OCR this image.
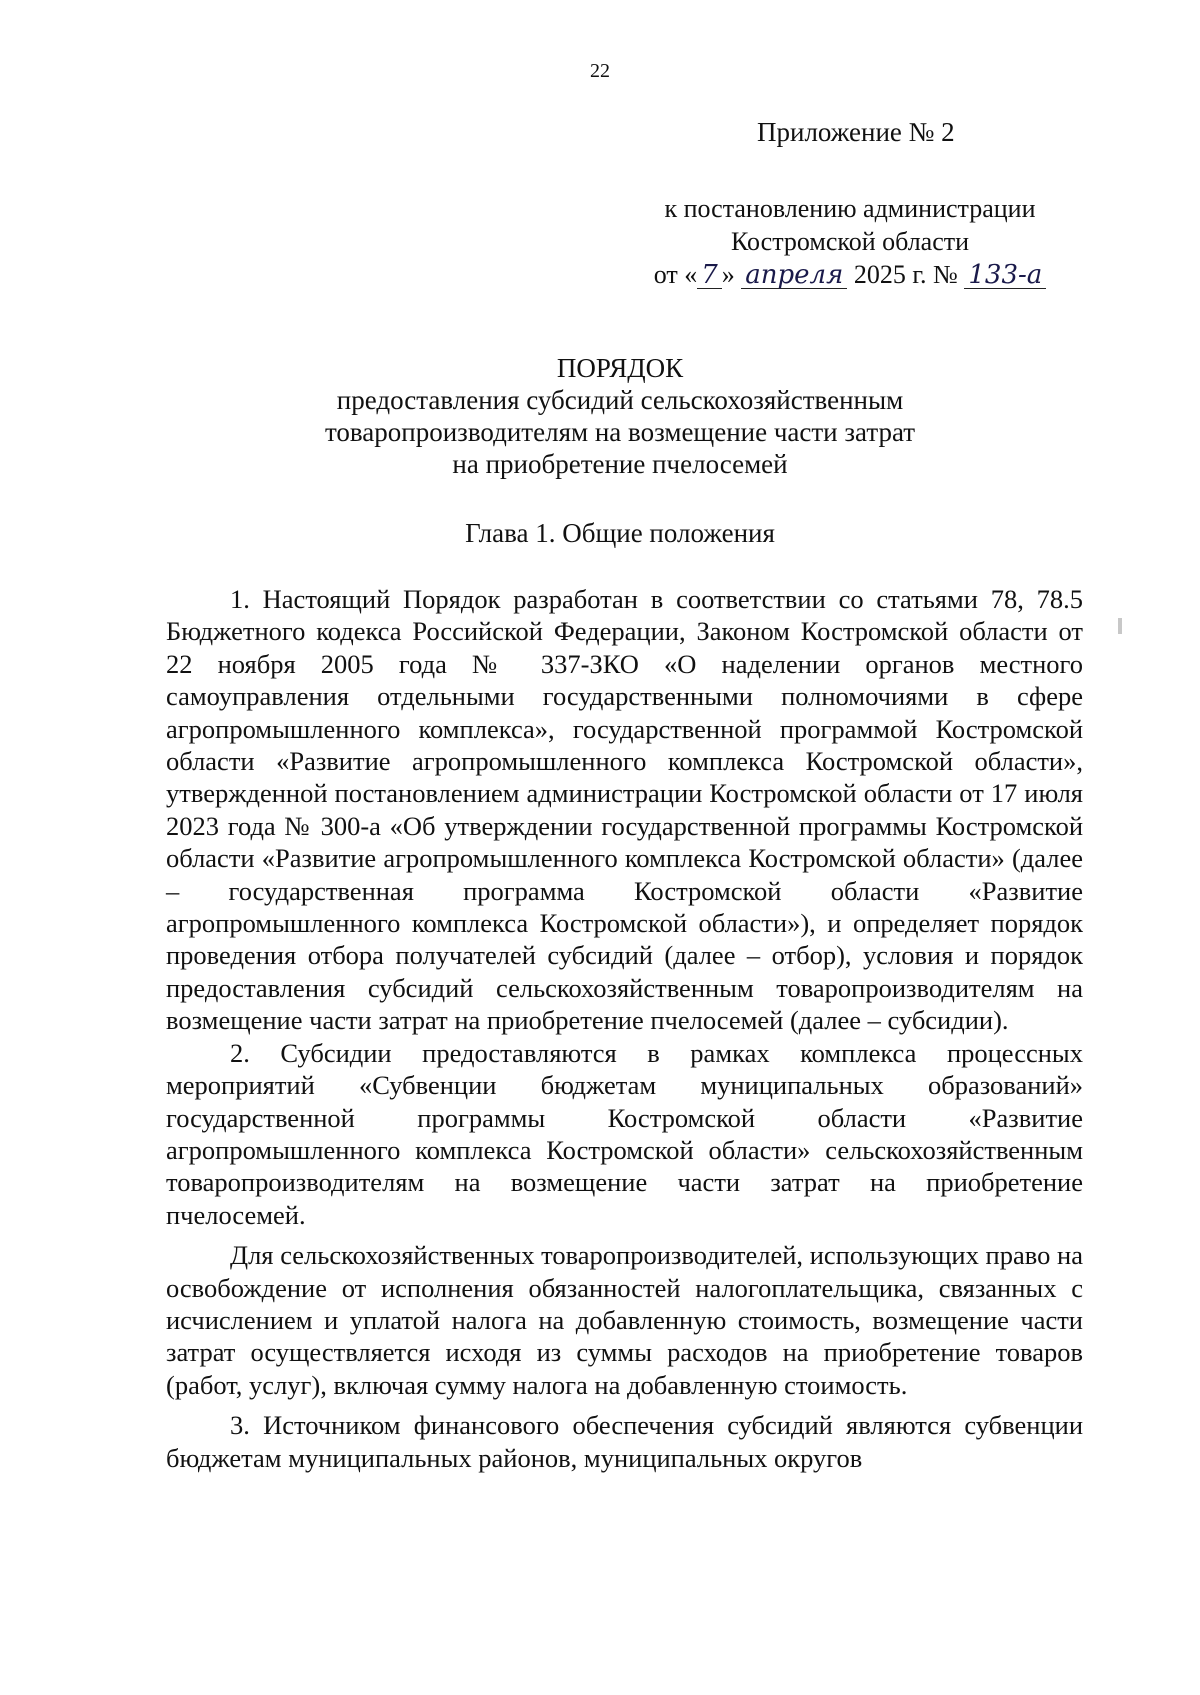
22
Приложение № 2
к постановлению администрации
Костромской области
от « 7 » апреля 2025 г. № 133-а
ПОРЯДОК
предоставления субсидий сельскохозяйственным
товаропроизводителям на возмещение части затрат
на приобретение пчелосемей
Глава 1. Общие положения

1. Настоящий Порядок разработан в соответствии со статьями 78, 78.5 Бюджетного кодекса Российской Федерации, Законом Костромской области от 22 ноября 2005 года № 337-ЗКО «О наделении органов местного самоуправления отдельными государственными полномочиями в сфере агропромышленного комплекса», государственной программой Костромской области «Развитие агропромышленного комплекса Костромской области», утвержденной постановлением администрации Костромской области от 17 июля 2023 года № 300-а «Об утверждении государственной программы Костромской области «Развитие агропромышленного комплекса Костромской области» (далее – государственная программа Костромской области «Развитие агропромышленного комплекса Костромской области»), и определяет порядок проведения отбора получателей субсидий (далее – отбор), условия и порядок предоставления субсидий сельскохозяйственным товаропроизводителям на возмещение части затрат на приобретение пчелосемей (далее – субсидии).

2. Субсидии предоставляются в рамках комплекса процессных мероприятий «Субвенции бюджетам муниципальных образований» государственной программы Костромской области «Развитие агропромышленного комплекса Костромской области» сельскохозяйственным товаропроизводителям на возмещение части затрат на приобретение пчелосемей.

Для сельскохозяйственных товаропроизводителей, использующих право на освобождение от исполнения обязанностей налогоплательщика, связанных с исчислением и уплатой налога на добавленную стоимость, возмещение части затрат осуществляется исходя из суммы расходов на приобретение товаров (работ, услуг), включая сумму налога на добавленную стоимость.

3. Источником финансового обеспечения субсидий являются субвенции бюджетам муниципальных районов, муниципальных округов
